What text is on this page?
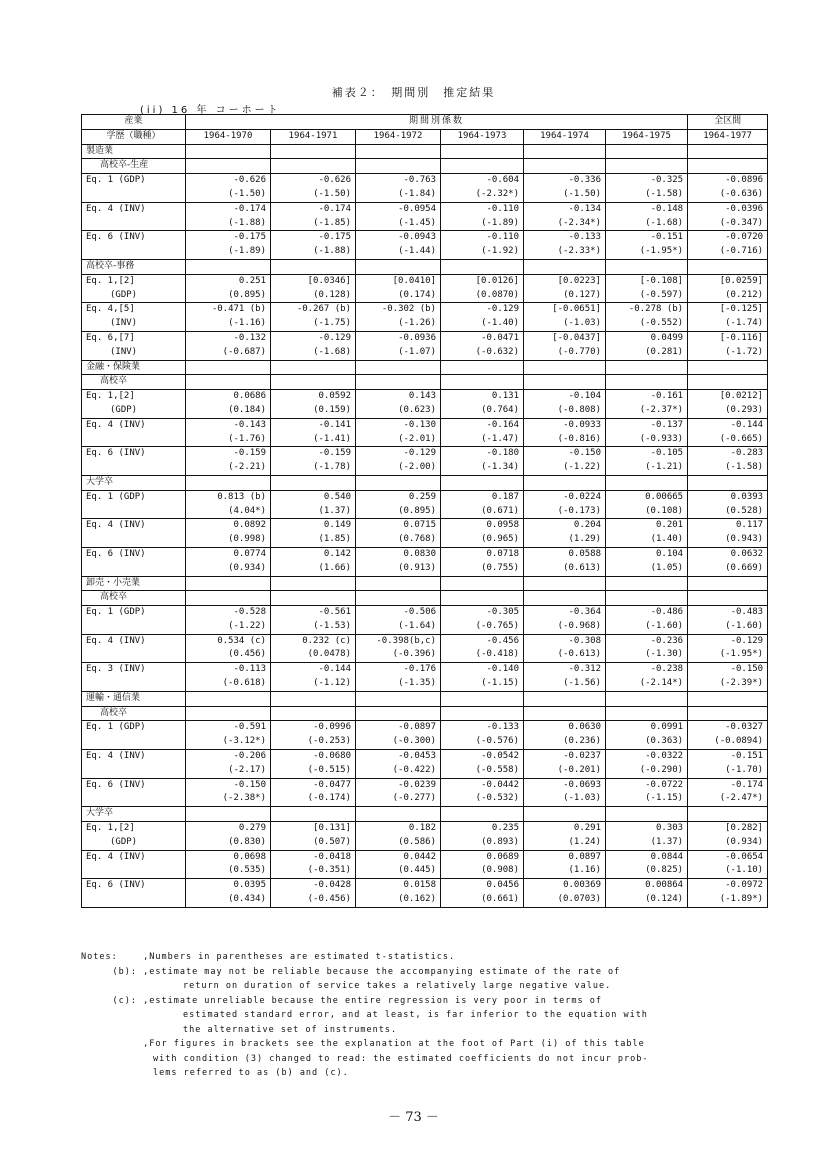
補表２：　期間別　推定結果
(ii) 16 年 コーホート
産業	期間別係数						全区間
学歴（職種）	1964-1970	1964-1971	1964-1972	1964-1973	1964-1974	1964-1975	1964-1977
製造業							
高校卒-生産							
Eq. 1 (GDP)	-0.626	-0.626	-0.763	-0.604	-0.336	-0.325	-0.0896
	(-1.50)	(-1.50)	(-1.84)	(-2.32*)	(-1.50)	(-1.58)	(-0.636)
Eq. 4 (INV)	-0.174	-0.174	-0.0954	-0.110	-0.134	-0.148	-0.0396
	(-1.88)	(-1.85)	(-1.45)	(-1.89)	(-2.34*)	(-1.68)	(-0.347)
Eq. 6 (INV)	-0.175	-0.175	-0.0943	-0.110	-0.133	-0.151	-0.0720
	(-1.89)	(-1.88)	(-1.44)	(-1.92)	(-2.33*)	(-1.95*)	(-0.716)
高校卒-事務							
Eq. 1,[2]	0.251	[0.0346]	[0.0410]	[0.0126]	[0.0223]	[-0.108]	[0.0259]
(GDP)	(0.895)	(0.128)	(0.174)	(0.0870)	(0.127)	(-0.597)	(0.212)
Eq. 4,[5]	-0.471 (b)	-0.267 (b)	-0.302 (b)	-0.129	[-0.0651]	-0.278 (b)	[-0.125]
(INV)	(-1.16)	(-1.75)	(-1.26)	(-1.40)	(-1.03)	(-0.552)	(-1.74)
Eq. 6,[7]	-0.132	-0.129	-0.0936	-0.0471	[-0.0437]	0.0499	[-0.116]
(INV)	(-0.687)	(-1.68)	(-1.07)	(-0.632)	(-0.770)	(0.281)	(-1.72)
金融・保険業							
高校卒							
Eq. 1,[2]	0.0686	0.0592	0.143	0.131	-0.104	-0.161	[0.0212]
(GDP)	(0.184)	(0.159)	(0.623)	(0.764)	(-0.808)	(-2.37*)	(0.293)
Eq. 4 (INV)	-0.143	-0.141	-0.130	-0.164	-0.0933	-0.137	-0.144
	(-1.76)	(-1.41)	(-2.01)	(-1.47)	(-0.816)	(-0.933)	(-0.665)
Eq. 6 (INV)	-0.159	-0.159	-0.129	-0.180	-0.150	-0.105	-0.283
	(-2.21)	(-1.78)	(-2.00)	(-1.34)	(-1.22)	(-1.21)	(-1.58)
大学卒							
Eq. 1 (GDP)	0.813 (b)	0.540	0.259	0.187	-0.0224	0.00665	0.0393
	(4.04*)	(1.37)	(0.895)	(0.671)	(-0.173)	(0.108)	(0.528)
Eq. 4 (INV)	0.0892	0.149	0.0715	0.0958	0.204	0.201	0.117
	(0.998)	(1.85)	(0.768)	(0.965)	(1.29)	(1.40)	(0.943)
Eq. 6 (INV)	0.0774	0.142	0.0830	0.0718	0.0588	0.104	0.0632
	(0.934)	(1.66)	(0.913)	(0.755)	(0.613)	(1.05)	(0.669)
卸売・小売業							
高校卒							
Eq. 1 (GDP)	-0.528	-0.561	-0.506	-0.305	-0.364	-0.486	-0.483
	(-1.22)	(-1.53)	(-1.64)	(-0.765)	(-0.968)	(-1.60)	(-1.60)
Eq. 4 (INV)	0.534 (c)	0.232 (c)	-0.398(b,c)	-0.456	-0.308	-0.236	-0.129
	(0.456)	(0.0478)	(-0.396)	(-0.418)	(-0.613)	(-1.30)	(-1.95*)
Eq. 3 (INV)	-0.113	-0.144	-0.176	-0.140	-0.312	-0.238	-0.150
	(-0.618)	(-1.12)	(-1.35)	(-1.15)	(-1.56)	(-2.14*)	(-2.39*)
運輸・通信業							
高校卒							
Eq. 1 (GDP)	-0.591	-0.0996	-0.0897	-0.133	0.0630	0.0991	-0.0327
	(-3.12*)	(-0.253)	(-0.300)	(-0.576)	(0.236)	(0.363)	(-0.0894)
Eq. 4 (INV)	-0.206	-0.0680	-0.0453	-0.0542	-0.0237	-0.0322	-0.151
	(-2.17)	(-0.515)	(-0.422)	(-0.558)	(-0.201)	(-0.290)	(-1.70)
Eq. 6 (INV)	-0.150	-0.0477	-0.0239	-0.0442	-0.0693	-0.0722	-0.174
	(-2.38*)	(-0.174)	(-0.277)	(-0.532)	(-1.03)	(-1.15)	(-2.47*)
大学卒							
Eq. 1,[2]	0.279	[0.131]	0.182	0.235	0.291	0.303	[0.282]
(GDP)	(0.830)	(0.507)	(0.586)	(0.893)	(1.24)	(1.37)	(0.934)
Eq. 4 (INV)	0.0698	-0.0418	0.0442	0.0689	0.0897	0.0844	-0.0654
	(0.535)	(-0.351)	(0.445)	(0.908)	(1.16)	(0.825)	(-1.10)
Eq. 6 (INV)	0.0395	-0.0428	0.0158	0.0456	0.00369	0.00864	-0.0972
	(0.434)	(-0.456)	(0.162)	(0.661)	(0.0703)	(0.124)	(-1.89*)
Notes: ,Numbers in parentheses are estimated t-statistics.
(b): ,estimate may not be reliable because the accompanying estimate of the rate of
return on duration of service takes a relatively large negative value.
(c): ,estimate unreliable because the entire regression is very poor in terms of
estimated standard error, and at least, is far inferior to the equation with
the alternative set of instruments.
,For figures in brackets see the explanation at the foot of Part (i) of this table
with condition (3) changed to read: the estimated coefficients do not incur prob-
lems referred to as (b) and (c).
－ 73 －
